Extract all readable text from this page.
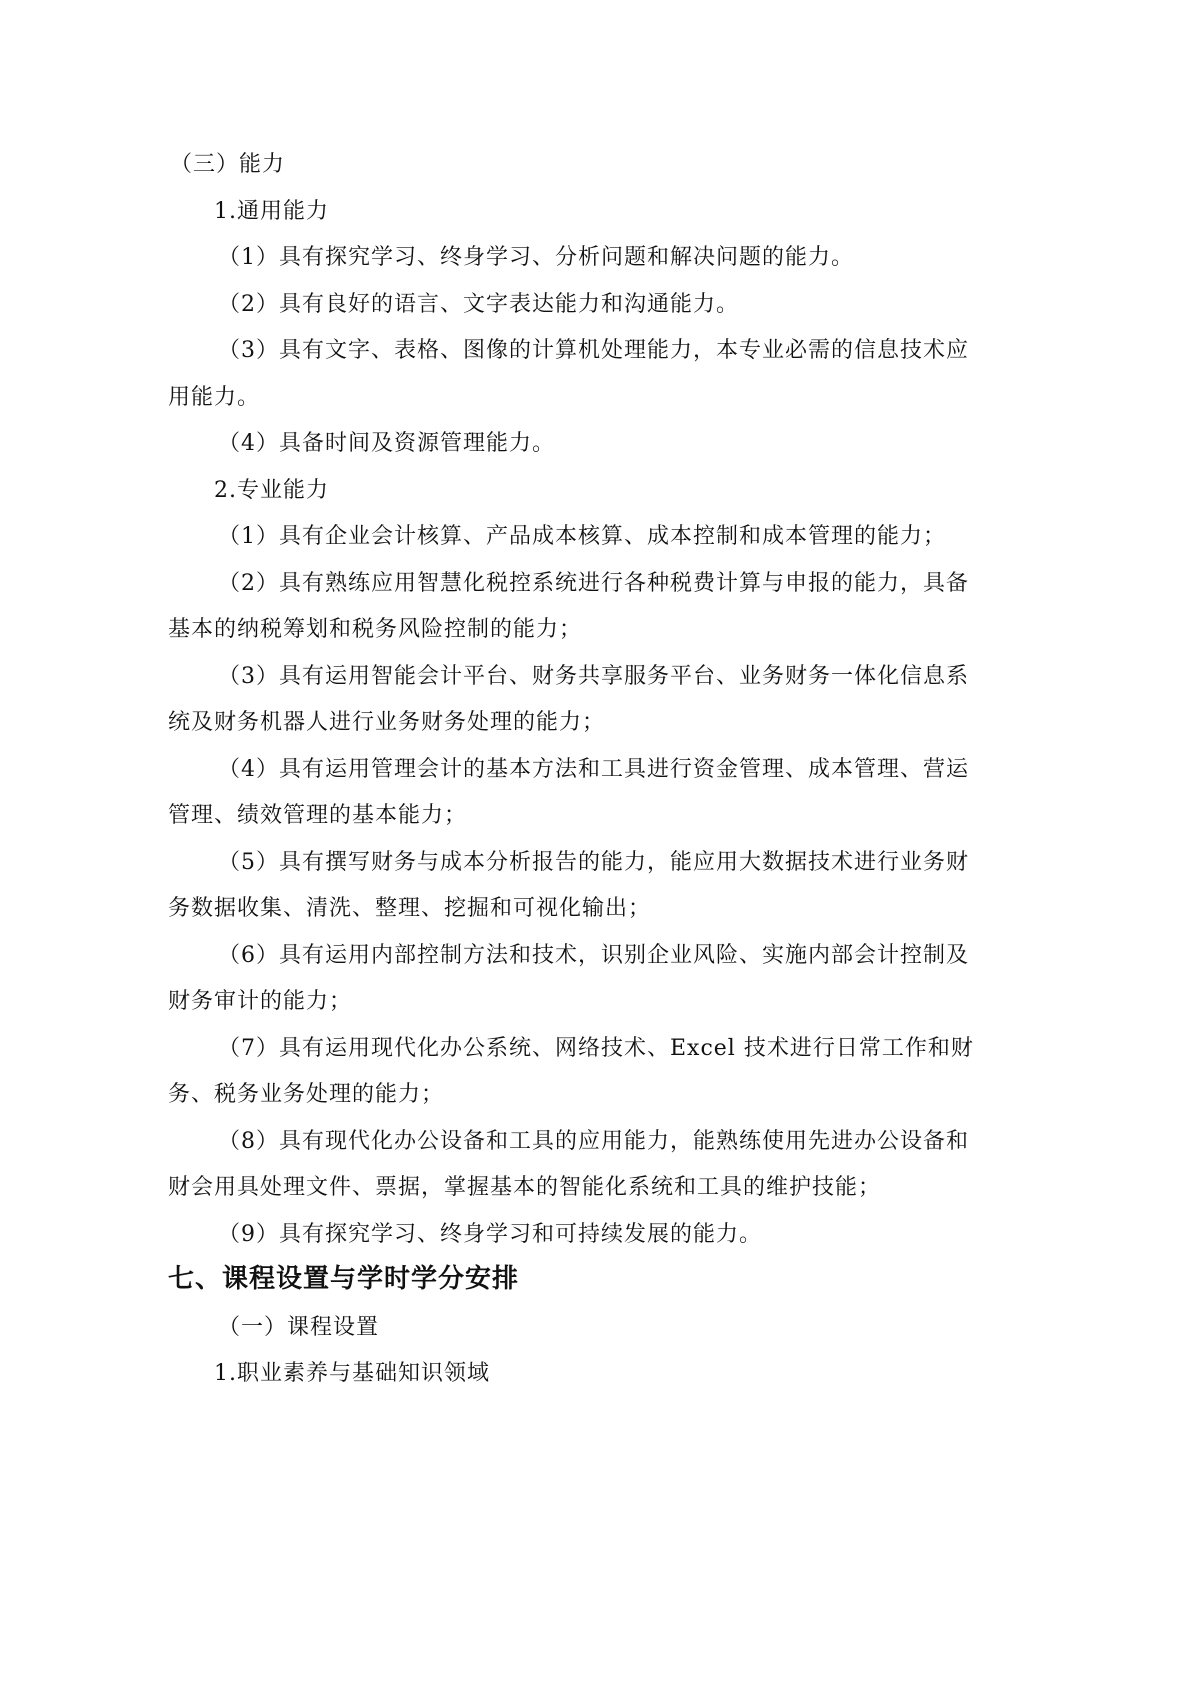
（三）能力
1.通用能力
（1）具有探究学习、终身学习、分析问题和解决问题的能力。
（2）具有良好的语言、文字表达能力和沟通能力。
（3）具有文字、表格、图像的计算机处理能力，本专业必需的信息技术应
用能力。
（4）具备时间及资源管理能力。
2.专业能力
（1）具有企业会计核算、产品成本核算、成本控制和成本管理的能力；
（2）具有熟练应用智慧化税控系统进行各种税费计算与申报的能力，具备
基本的纳税筹划和税务风险控制的能力；
（3）具有运用智能会计平台、财务共享服务平台、业务财务一体化信息系
统及财务机器人进行业务财务处理的能力；
（4）具有运用管理会计的基本方法和工具进行资金管理、成本管理、营运
管理、绩效管理的基本能力；
（5）具有撰写财务与成本分析报告的能力，能应用大数据技术进行业务财
务数据收集、清洗、整理、挖掘和可视化输出；
（6）具有运用内部控制方法和技术，识别企业风险、实施内部会计控制及
财务审计的能力；
（7）具有运用现代化办公系统、网络技术、Excel 技术进行日常工作和财
务、税务业务处理的能力；
（8）具有现代化办公设备和工具的应用能力，能熟练使用先进办公设备和
财会用具处理文件、票据，掌握基本的智能化系统和工具的维护技能；
（9）具有探究学习、终身学习和可持续发展的能力。
七、课程设置与学时学分安排
（一）课程设置
1.职业素养与基础知识领域
